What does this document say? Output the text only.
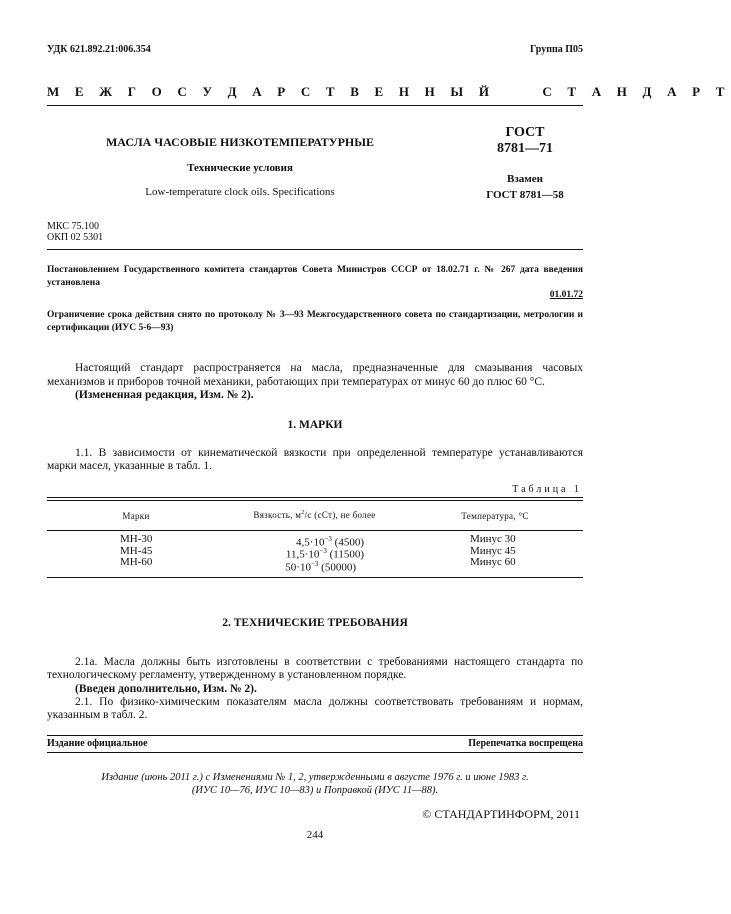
УДК 621.892.21:006.354	Группа П05
М Е Ж Г О С У Д А Р С Т В Е Н Н Ы Й     С Т А Н Д А Р Т
МАСЛА ЧАСОВЫЕ НИЗКОТЕМПЕРАТУРНЫЕ
Технические условия
Low-temperature clock oils. Specifications
ГОСТ
8781—71
Взамен
ГОСТ 8781—58
МКС 75.100
ОКП 02 5301
Постановлением Государственного комитета стандартов Совета Министров СССР от 18.02.71 г. № 267 дата введения установлена
01.01.72
Ограничение срока действия снято по протоколу № 3—93 Межгосударственного совета по стандартизации, метрологии и сертификации (ИУС 5-6—93)
Настоящий стандарт распространяется на масла, предназначенные для смазывания часовых механизмов и приборов точной механики, работающих при температурах от минус 60 до плюс 60 °С.
(Измененная редакция, Изм. № 2).
1. МАРКИ
1.1. В зависимости от кинематической вязкости при определенной температуре устанавливаются марки масел, указанные в табл. 1.
Таблица 1
Марки	Вязкость, $м^2/с$ (сСт), не более	Температура, °С
МН-30	$4,5\cdot 10^{-3}$ (4500)	Минус 30
МН-45	$11,5\cdot 10^{-3}$ (11500)	Минус 45
МН-60	$50\cdot 10^{-3}$ (50000)	Минус 60
2. ТЕХНИЧЕСКИЕ ТРЕБОВАНИЯ
2.1а. Масла должны быть изготовлены в соответствии с требованиями настоящего стандарта по технологическому регламенту, утвержденному в установленном порядке.
(Введен дополнительно, Изм. № 2).
2.1. По физико-химическим показателям масла должны соответствовать требованиям и нормам, указанным в табл. 2.
Издание официальное	Перепечатка воспрещена
Издание (июнь 2011 г.) с Изменениями № 1, 2, утвержденными в августе 1976 г. и июне 1983 г.
(ИУС 10—76, ИУС 10—83) и Поправкой (ИУС 11—88).
© СТАНДАРТИНФОРМ, 2011
244
